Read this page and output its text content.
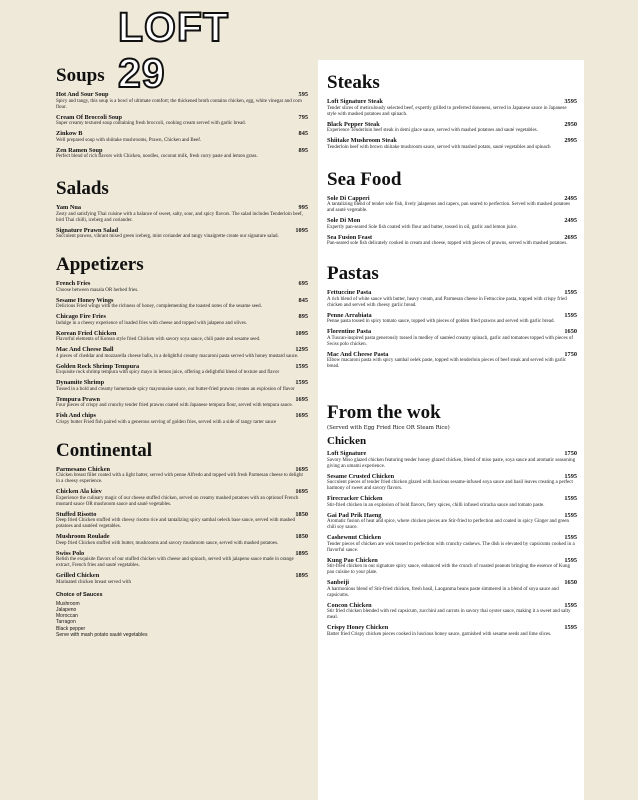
LOFT 29
Soups
Hot And Sour Soup	595
Spicy and tangy, this soup is a bowl of ultimate comfort; the thickened broth contains chicken, egg, white vinegar and corn flour.
Cream Of Broccoli Soup	795
Super creamy textured soup containing fresh broccoli, cooking cream served with garlic bread.
Zinkow B	845
Well prepared soup with shiitake mushrooms, Prawn, Chicken and Beef.
Zen Ramen Soup	895
Perfect blend of rich flavors with Chicken, noodles, coconut milk, fresh curry paste and lemon grass.
Salads
Yam Nua	995
Zesty and satisfying Thai cuisine with a balance of sweet, salty, sour, and spicy flavors. The salad includes Tenderloin beef, bird Thai chilli, iceberg and coriander.
Signature Prawn Salad	1095
Succulent prawns, vibrant mixed green iceberg, mint coriander and tangy vinaigrette create our signature salad.
Appetizers
French Fries	695
Choose between masala OR herbed fries.
Sesame Honey Wings	845
Delicious Fried wings with the richness of honey, complementing the toasted notes of the sesame seed.
Chicago Fire Fries	895
Indulge in a cheesy experience of loaded fries with cheese and topped with jalapeno and olives.
Korean Fried Chicken	1095
Flavorful elements of Korean style fried Chicken with savory soya sauce, chili paste and sesame seed.
Mac And Cheese Ball	1295
4 pieces of cheddar and mozzarella cheese balls, in a delightful creamy macaroni pasta served with honey mustard sauce.
Golden Rock Shrimp Tempura	1595
Exquisite rock shrimp tempura with spicy mayo in lemon juice, offering a delightful blend of texture and flavor
Dynamite Shrimp	1595
Tossed in a bold and creamy homemade spicy mayonnaise sauce, our butter-fried prawns creates an explosion of flavor
Tempura Prawn	1695
Four pieces of crispy and crunchy tender fried prawns coated with Japanese tempura flour, served with tempura sauce.
Fish And chips	1695
Crispy butter Fried fish paired with a generous serving of golden fries, served with a side of tangy tarter sauce
Continental
Parmesano Chicken	1695
Chicken breast fillet coated with a light batter, served with penne Alfredo and topped with fresh Parmesan cheese to delight in a cheesy experience.
Chicken Ala kiev	1695
Experience the culinary magic of our cheese stuffed chicken, served on creamy mashed potatoes with an optionof French mustard sauce OR mushroom sauce and sauté vegetables.
Stuffed Risotto	1850
Deep fried Chicken stuffed with cheesy risotto rice and tantalizing spicy sambal oeleck base sauce, served with mashed potatoes and sautéed vegetables.
Mushroom Roulade	1850
Deep fried Chicken stuffed with butter, mushrooms and savory mushroom sauce, served with mashed potatoes.
Swiss Polo	1895
Relish the exquisite flavors of our stuffed chicken with cheese and spinach, served with jalapeno sauce made in orange extract, French fries and sauté vegetables.
Grilled Chicken	1895
Marinated chicken breast served with
Choice of Sauces
Mushroom
Jalapeno
Moroccan
Tarragon
Black pepper
Serve with mash potato sauté vegetables
Steaks
Loft Signature Steak	3595
Tender slices of meticulously selected beef, expertly grilled to preferred doneness, served in Japanese sauce in Japanese style with mashed potatoes and spinach.
Black Pepper Steak	2950
Experience Tenderloin beef steak in demi glace sauce, served with mashed potatoes and sauté vegetables.
Shiitake Mushroom Steak	2995
Tenderloin beef with brown shiitake mushroom sauce, served with mashed potato, sauté vegetables and spinach
Sea Food
Sole Di Capperi	2495
A tantalizing blend of tender sole fish, lively jalapenos and capers, pan seared to perfection. Served with mashed potatoes and sauté vegetable.
Sole Di Mon	2495
Expertly pan-seared Sole fish coated with flour and butter, tossed in oil, garlic and lemon juice.
Sea Fusion Feast	2695
Pan-seared sole fish delicately cooked in cream and cheese, topped with pieces of prawns, served with mashed potatoes.
Pastas
Fettuccine Pasta	1595
A rich blend of white sauce with butter, heavy cream, and Parmesan cheese in Fettuccine pasta, topped with crispy fried chicken and served with cheesy garlic bread.
Penne Arrabiata	1595
Penne pasta tossed in spicy tomato sauce, topped with pieces of golden fried prawns and served with garlic bread.
Florentine Pasta	1650
A Tuscan-inspired pasta generously tossed in medley of sautéed creamy spinach, garlic and tomatoes topped with pieces of Swiss polo chicken.
Mac And Cheese Pasta	1750
Elbow macaroni pasta with spicy sambal oelek paste, topped with tenderloin pieces of beef steak and served with garlic bread.
From the wok
(Served with Egg Fried Rice OR Steam Rice)
Chicken
Loft Signature	1750
Savory Miso glazed chicken featuring tender honey glazed chicken, blend of miso paste, soya sauce and aromatic seasoning giving an umami experience.
Sesame Crusted Chicken	1595
Succulent pieces of tender fried chicken glazed with luscious sesame-infused soya sauce and basil leaves creating a perfect harmony of sweet and savory flavors.
Firecracker Chicken	1595
Stir-fried chicken in an explosion of bold flavors, fiery spices, chilli infused sriracha sauce and tomato paste.
Gai Pad Prik Haeng	1595
Aromatic fusion of heat and spice, where chicken pieces are Stir-fried to perfection and coated in spicy Ginger and green chili soy sauce.
Cashewnut Chicken	1595
Tender pieces of chicken are wok tossed to perfection with crunchy cashews. The dish is elevated by capsicums cooked in a flavorful sauce.
Kung Pao Chicken	1595
Stir-fried chicken in our signature spicy sauce, enhanced with the crunch of roasted peanuts bringing the essence of Kung pao cuisine to your plate.
Sanbeiji	1650
A harmonious blend of Stir-fried chicken, fresh basil, Laoganma beans paste simmered in a blend of soya sauce and capsicums.
Concon Chicken	1595
Stir fried chicken blended with red capsicum, zucchini and carrots in savory thai oyster sauce, making it a sweet and salty meal.
Crispy Honey Chicken	1595
Batter fried Crispy chicken pieces cooked in luscious honey sauce, garnished with sesame seeds and lime slices.
